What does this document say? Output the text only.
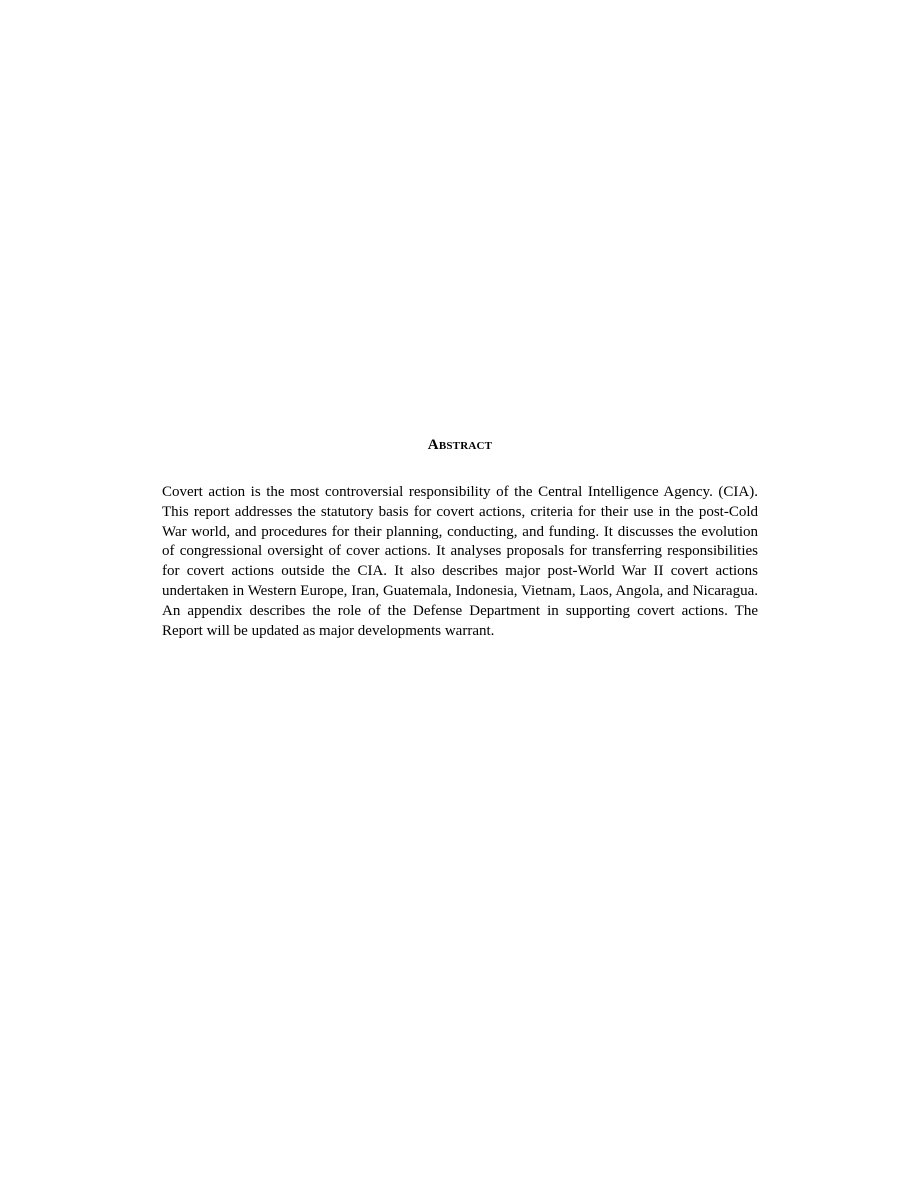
Abstract

Covert action is the most controversial responsibility of the Central Intelligence Agency. (CIA). This report addresses the statutory basis for covert actions, criteria for their use in the post-Cold War world, and procedures for their planning, conducting, and funding. It discusses the evolution of congressional oversight of cover actions. It analyses proposals for transferring responsibilities for covert actions outside the CIA. It also describes major post-World War II covert actions undertaken in Western Europe, Iran, Guatemala, Indonesia, Vietnam, Laos, Angola, and Nicaragua. An appendix describes the role of the Defense Department in supporting covert actions. The Report will be updated as major developments warrant.
